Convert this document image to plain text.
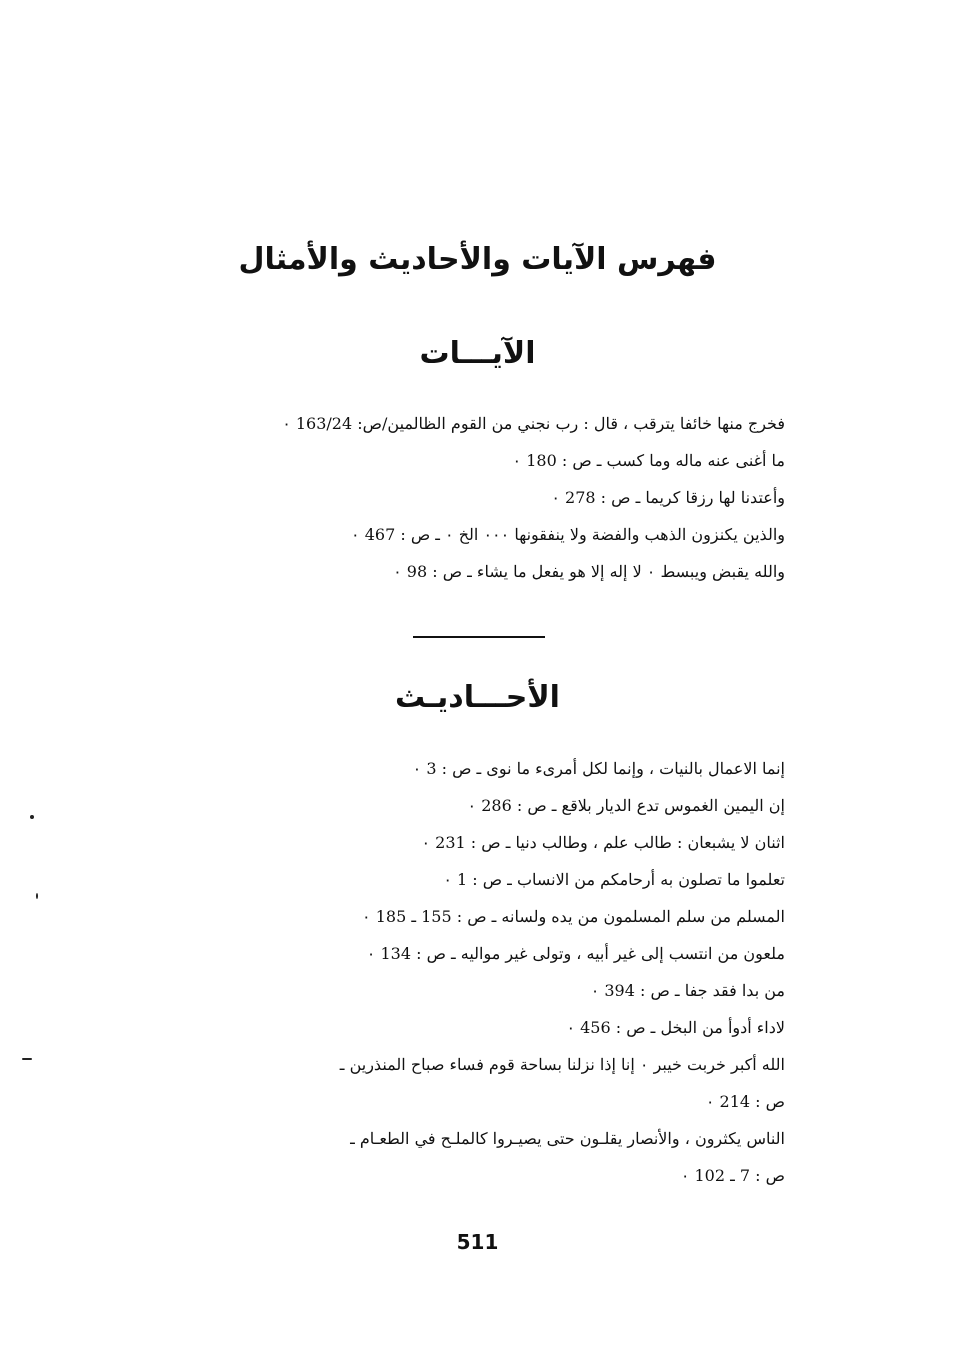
فهرس الآيات والأحاديث والأمثال
الآيـــات
فخرج منها خائفا يترقب ، قال : رب نجني من القوم الظالمين/ص: 163/24 ٠
ما أغنى عنه ماله وما كسب ـ ص : 180 ٠
وأعتدنا لها رزقا كريما ـ ص : 278 ٠
والذين يكنزون الذهب والفضة ولا ينفقونها ٠٠٠ الخ ٠ ـ ص : 467 ٠
والله يقبض ويبسط ٠ لا إله إلا هو يفعل ما يشاء ـ ص : 98 ٠
الأحـــاديـث
إنما الاعمال بالنيات ، وإنما لكل أمرىء ما نوى ـ ص : 3 ٠
إن اليمين الغموس تدع الديار بلاقع ـ ص : 286 ٠
اثنان لا يشبعان : طالب علم ، وطالب دنيا ـ ص : 231 ٠
تعلموا ما تصلون به أرحامكم من الانساب ـ ص : 1 ٠
المسلم من سلم المسلمون من يده ولسانه ـ ص : 155 ـ 185 ٠
ملعون من انتسب إلى غير أبيه ، وتولى غير مواليه ـ ص : 134 ٠
من بدا فقد جفا ـ ص : 394 ٠
لاداء أدوأ من البخل ـ ص : 456 ٠
الله أكبر خربت خيبر ٠ إنا إذا نزلنا بساحة قوم فساء صباح المنذرين ـ
ص : 214 ٠
الناس يكثرون ، والأنصار يقلـون حتى يصيـروا كالملـح في الطعـام ـ
ص : 7 ـ 102 ٠
511
